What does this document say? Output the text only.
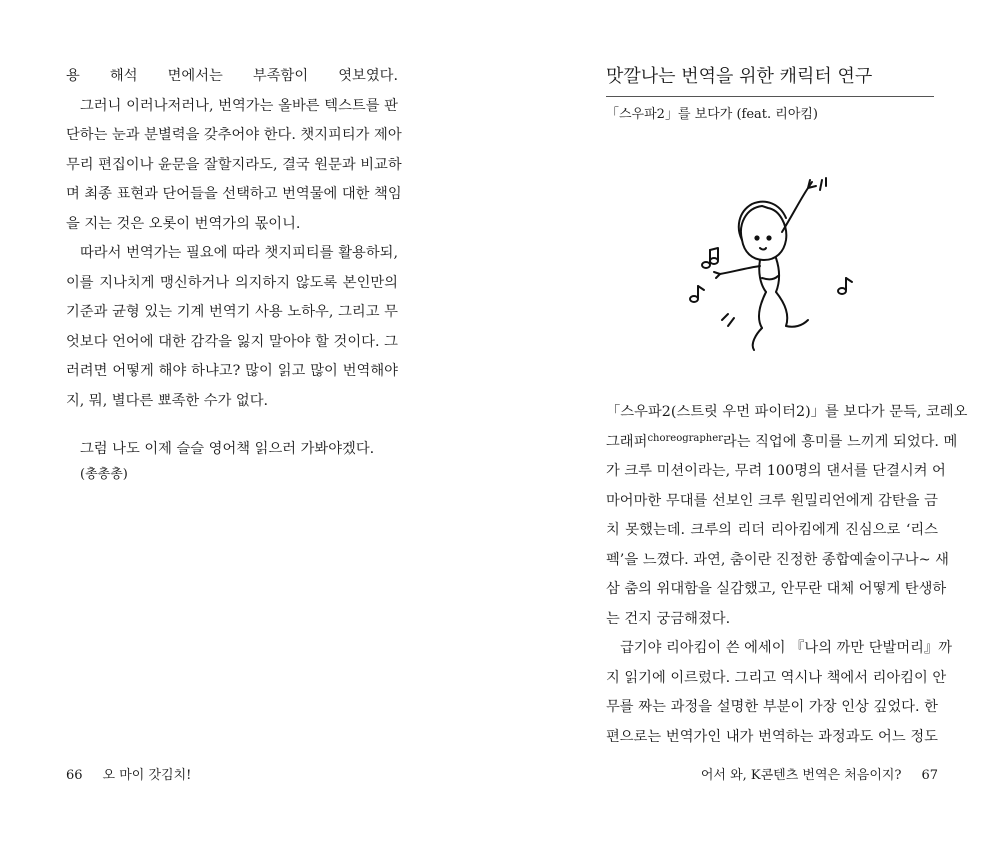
용 해석 면에서는 부족함이 엿보였다.
그러니 이러나저러나, 번역가는 올바른 텍스트를 판
단하는 눈과 분별력을 갖추어야 한다. 챗지피티가 제아
무리 편집이나 윤문을 잘할지라도, 결국 원문과 비교하
며 최종 표현과 단어들을 선택하고 번역물에 대한 책임
을 지는 것은 오롯이 번역가의 몫이니.
따라서 번역가는 필요에 따라 챗지피티를 활용하되,
이를 지나치게 맹신하거나 의지하지 않도록 본인만의
기준과 균형 있는 기계 번역기 사용 노하우, 그리고 무
엇보다 언어에 대한 감각을 잃지 말아야 할 것이다. 그
러려면 어떻게 해야 하냐고? 많이 읽고 많이 번역해야
지, 뭐, 별다른 뾰족한 수가 없다.
그럼 나도 이제 슬슬 영어책 읽으러 가봐야겠다.
(총총총)
66 오 마이 갓김치!
맛깔나는 번역을 위한 캐릭터 연구
「스우파2」를 보다가 (feat. 리아킴)
「스우파2(스트릿 우먼 파이터2)」를 보다가 문득, 코레오
그래퍼$^{choreographer}$라는 직업에 흥미를 느끼게 되었다. 메
가 크루 미션이라는, 무려 100명의 댄서를 단결시켜 어
마어마한 무대를 선보인 크루 원밀리언에게 감탄을 금
치 못했는데. 크루의 리더 리아킴에게 진심으로 ‘리스
펙’을 느꼈다. 과연, 춤이란 진정한 종합예술이구나~ 새
삼 춤의 위대함을 실감했고, 안무란 대체 어떻게 탄생하
는 건지 궁금해졌다.
급기야 리아킴이 쓴 에세이 『나의 까만 단발머리』까
지 읽기에 이르렀다. 그리고 역시나 책에서 리아킴이 안
무를 짜는 과정을 설명한 부분이 가장 인상 깊었다. 한
편으로는 번역가인 내가 번역하는 과정과도 어느 정도
어서 와, K콘텐츠 번역은 처음이지? 67
